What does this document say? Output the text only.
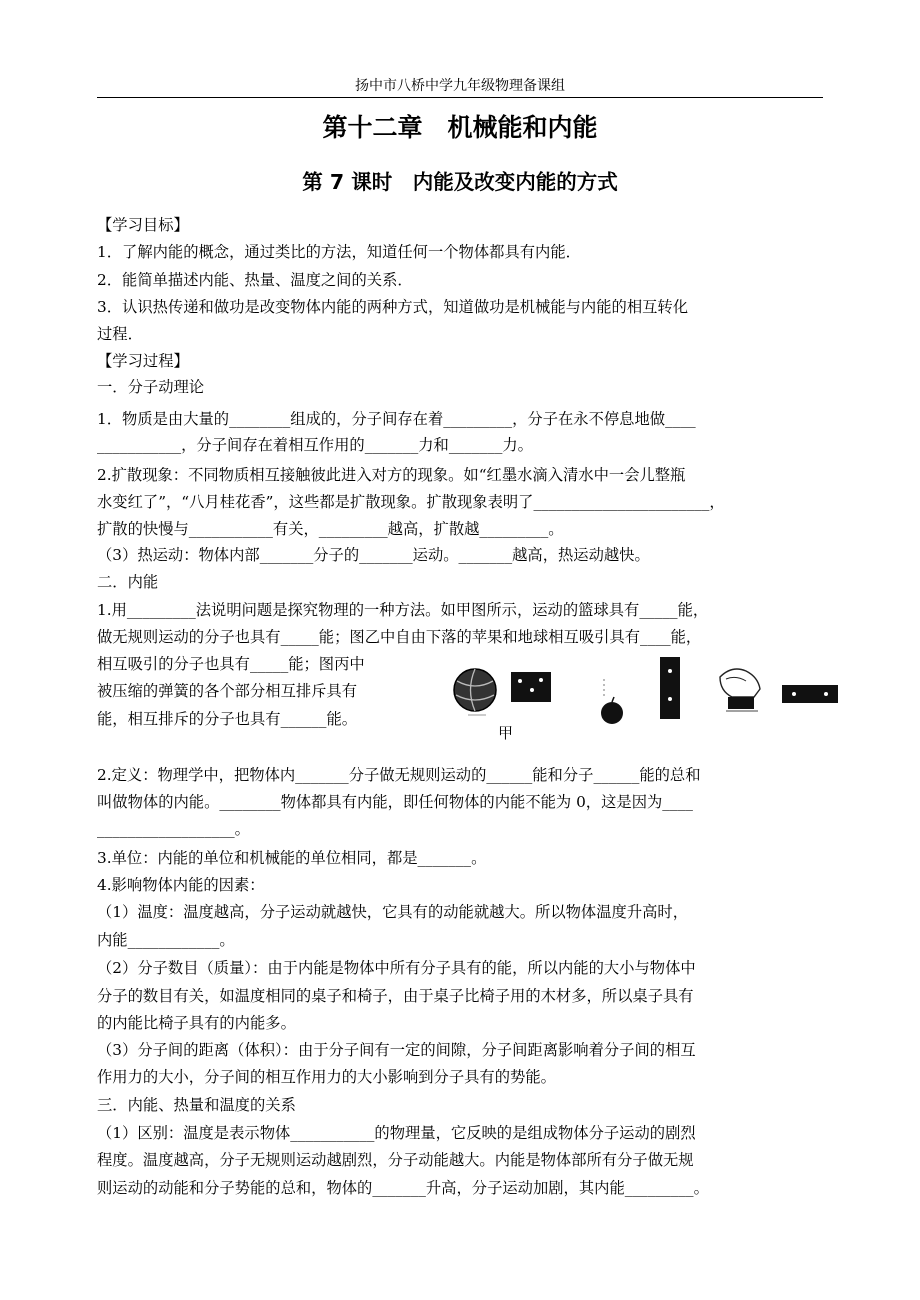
扬中市八桥中学九年级物理备课组
第十二章　机械能和内能
第 7 课时　内能及改变内能的方式
【学习目标】
1．了解内能的概念，通过类比的方法，知道任何一个物体都具有内能．
2．能简单描述内能、热量、温度之间的关系．
3．认识热传递和做功是改变物体内能的两种方式，知道做功是机械能与内能的相互转化
过程．
【学习过程】
一．分子动理论
1．物质是由大量的________组成的，分子间存在着_________，分子在永不停息地做____
___________，分子间存在着相互作用的_______力和_______力。
2.扩散现象：不同物质相互接触彼此进入对方的现象。如“红墨水滴入清水中一会儿整瓶
水变红了”，“八月桂花香”，这些都是扩散现象。扩散现象表明了_______________________，
扩散的快慢与___________有关，_________越高，扩散越_________。
（3）热运动：物体内部_______分子的_______运动。_______越高，热运动越快。
二．内能
1.用_________法说明问题是探究物理的一种方法。如甲图所示，运动的篮球具有_____能，
做无规则运动的分子也具有_____能；图乙中自由下落的苹果和地球相互吸引具有____能，
相互吸引的分子也具有_____能；图丙中
被压缩的弹簧的各个部分相互排斥具有
能，相互排斥的分子也具有______能。
甲
2.定义：物理学中，把物体内_______分子做无规则运动的______能和分子______能的总和
叫做物体的内能。________物体都具有内能，即任何物体的内能不能为 0，这是因为____
__________________。
3.单位：内能的单位和机械能的单位相同，都是_______。
4.影响物体内能的因素：
（1）温度：温度越高，分子运动就越快，它具有的动能就越大。所以物体温度升高时，
内能____________。
（2）分子数目（质量）：由于内能是物体中所有分子具有的能，所以内能的大小与物体中
分子的数目有关，如温度相同的桌子和椅子，由于桌子比椅子用的木材多，所以桌子具有
的内能比椅子具有的内能多。
（3）分子间的距离（体积）：由于分子间有一定的间隙，分子间距离影响着分子间的相互
作用力的大小，分子间的相互作用力的大小影响到分子具有的势能。
三．内能、热量和温度的关系
（1）区别：温度是表示物体___________的物理量，它反映的是组成物体分子运动的剧烈
程度。温度越高，分子无规则运动越剧烈，分子动能越大。内能是物体部所有分子做无规
则运动的动能和分子势能的总和，物体的_______升高，分子运动加剧，其内能_________。
